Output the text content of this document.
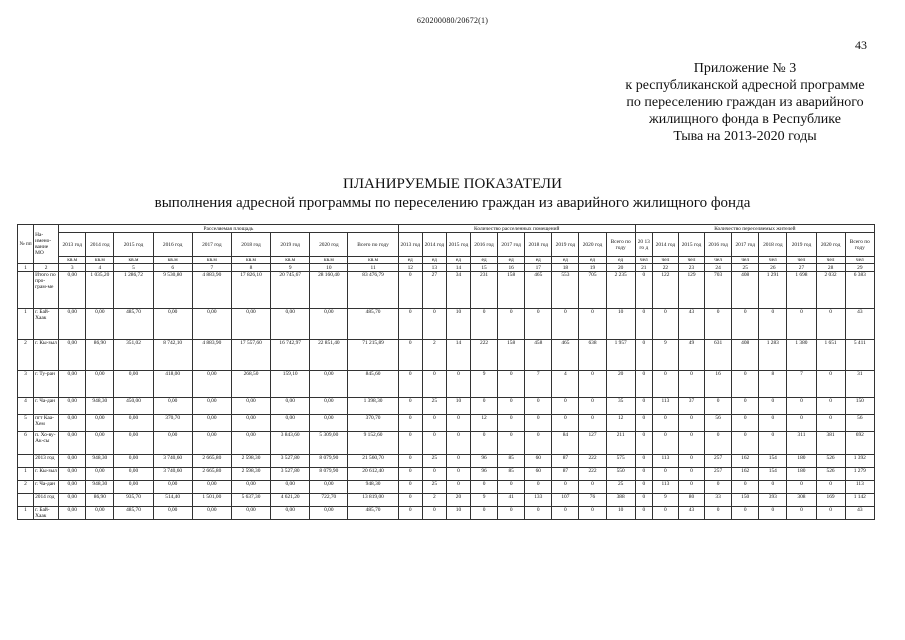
620200080/20672(1)
43
Приложение № 3
к республиканской адресной программе
по переселению граждан из аварийного
жилищного фонда в Республике
Тыва на 2013-2020 годы
ПЛАНИРУЕМЫЕ ПОКАЗАТЕЛИ
выполнения адресной программы по переселению граждан из аварийного жилищного фонда
№ пп	На-имено-вание МО	Расселяемая площадь									Количество расселенных помещений									Количество переселяемых жителей								
		2013 год	2014 год	2015 год	2016 год	2017 год	2018 год	2019 год	2020 год	Всего по году	2013 год	2014 год	2015 год	2016 год	2017 год	2018 год	2019 год	2020 год	Всего по году	20 13 го д	2014 год	2015 год	2016 год	2017 год	2018 год	2019 год	2020 год	Всего по году
		кв.м	кв.м	кв.м	кв.м	кв.м	кв.м	кв.м	кв.м	кв.м	ед	ед	ед	ед	ед	ед	ед	ед	ед	чел	чел	чел	чел	чел	чел	чел	чел	чел
1	2	3	4	5	6	7	8	9	10	11	12	13	14	15	16	17	18	19	20	21	22	23	24	25	26	27	28	29
	Итого по про-грам-ме	0,00	1 035,20	1 286,72	9 530,80	4 883,90	17 826,10	20 745,67	28 160,40	83 476,79	0	27	34	231	158	465	553	705	2 235	0	122	129	703	408	1 291	1 698	2 032	6 383
1	г. Бай-Хаак	0,00	0,00	485,70	0,00	0,00	0,00	0,00	0,00	485,70	0	0	10	0	0	0	0	0	10	0	0	43	0	0	0	0	0	43
2	г. Кы-зыл	0,00	86,90	351,02	8 742,10	4 883,90	17 557,60	16 742,97	22 851,40	71 215,89	0	2	14	222	158	458	465	638	1 957	0	9	49	631	408	1 283	1 380	1 651	5 411
3	г. Ту-ран	0,00	0,00	0,00	418,00	0,00	268,50	159,10	0,00	845,60	0	0	0	9	0	7	4	0	20	0	0	0	16	0	8	7	0	31
4	г. Ча-дан	0,00	948,30	450,00	0,00	0,00	0,00	0,00	0,00	1 398,30	0	25	10	0	0	0	0	0	35	0	113	37	0	0	0	0	0	150
5	пгт Каа-Хем	0,00	0,00	0,00	370,70	0,00	0,00	0,00	0,00	370,70	0	0	0	12	0	0	0	0	12	0	0	0	56	0	0	0	0	56
6	п. Хо-ву-Ак-сы	0,00	0,00	0,00	0,00	0,00	0,00	3 843,60	5 309,00	9 152,60	0	0	0	0	0	0	84	127	211	0	0	0	0	0	0	311	381	692
	2013 год	0,00	948,30	0,00	3 740,60	2 665,80	2 598,30	3 527,80	8 079,90	21 560,70	0	25	0	96	85	60	87	222	575	0	113	0	257	162	154	180	526	1 392
1	г. Кы-зыл	0,00	0,00	0,00	3 740,60	2 665,80	2 598,30	3 527,80	8 079,90	20 612,40	0	0	0	96	85	60	87	222	550	0	0	0	257	162	154	180	526	1 279
2	г. Ча-дан	0,00	948,30	0,00	0,00	0,00	0,00	0,00	0,00	948,30	0	25	0	0	0	0	0	0	25	0	113	0	0	0	0	0	0	113
	2014 год	0,00	86,90	935,70	514,40	1 501,00	5 637,30	4 621,20	722,70	13 819,00	0	2	20	9	41	133	107	76	388	0	9	80	33	150	393	308	169	1 142
1	г. Бай-Хаак	0,00	0,00	485,70	0,00	0,00	0,00	0,00	0,00	485,70	0	0	10	0	0	0	0	0	10	0	0	43	0	0	0	0	0	43
